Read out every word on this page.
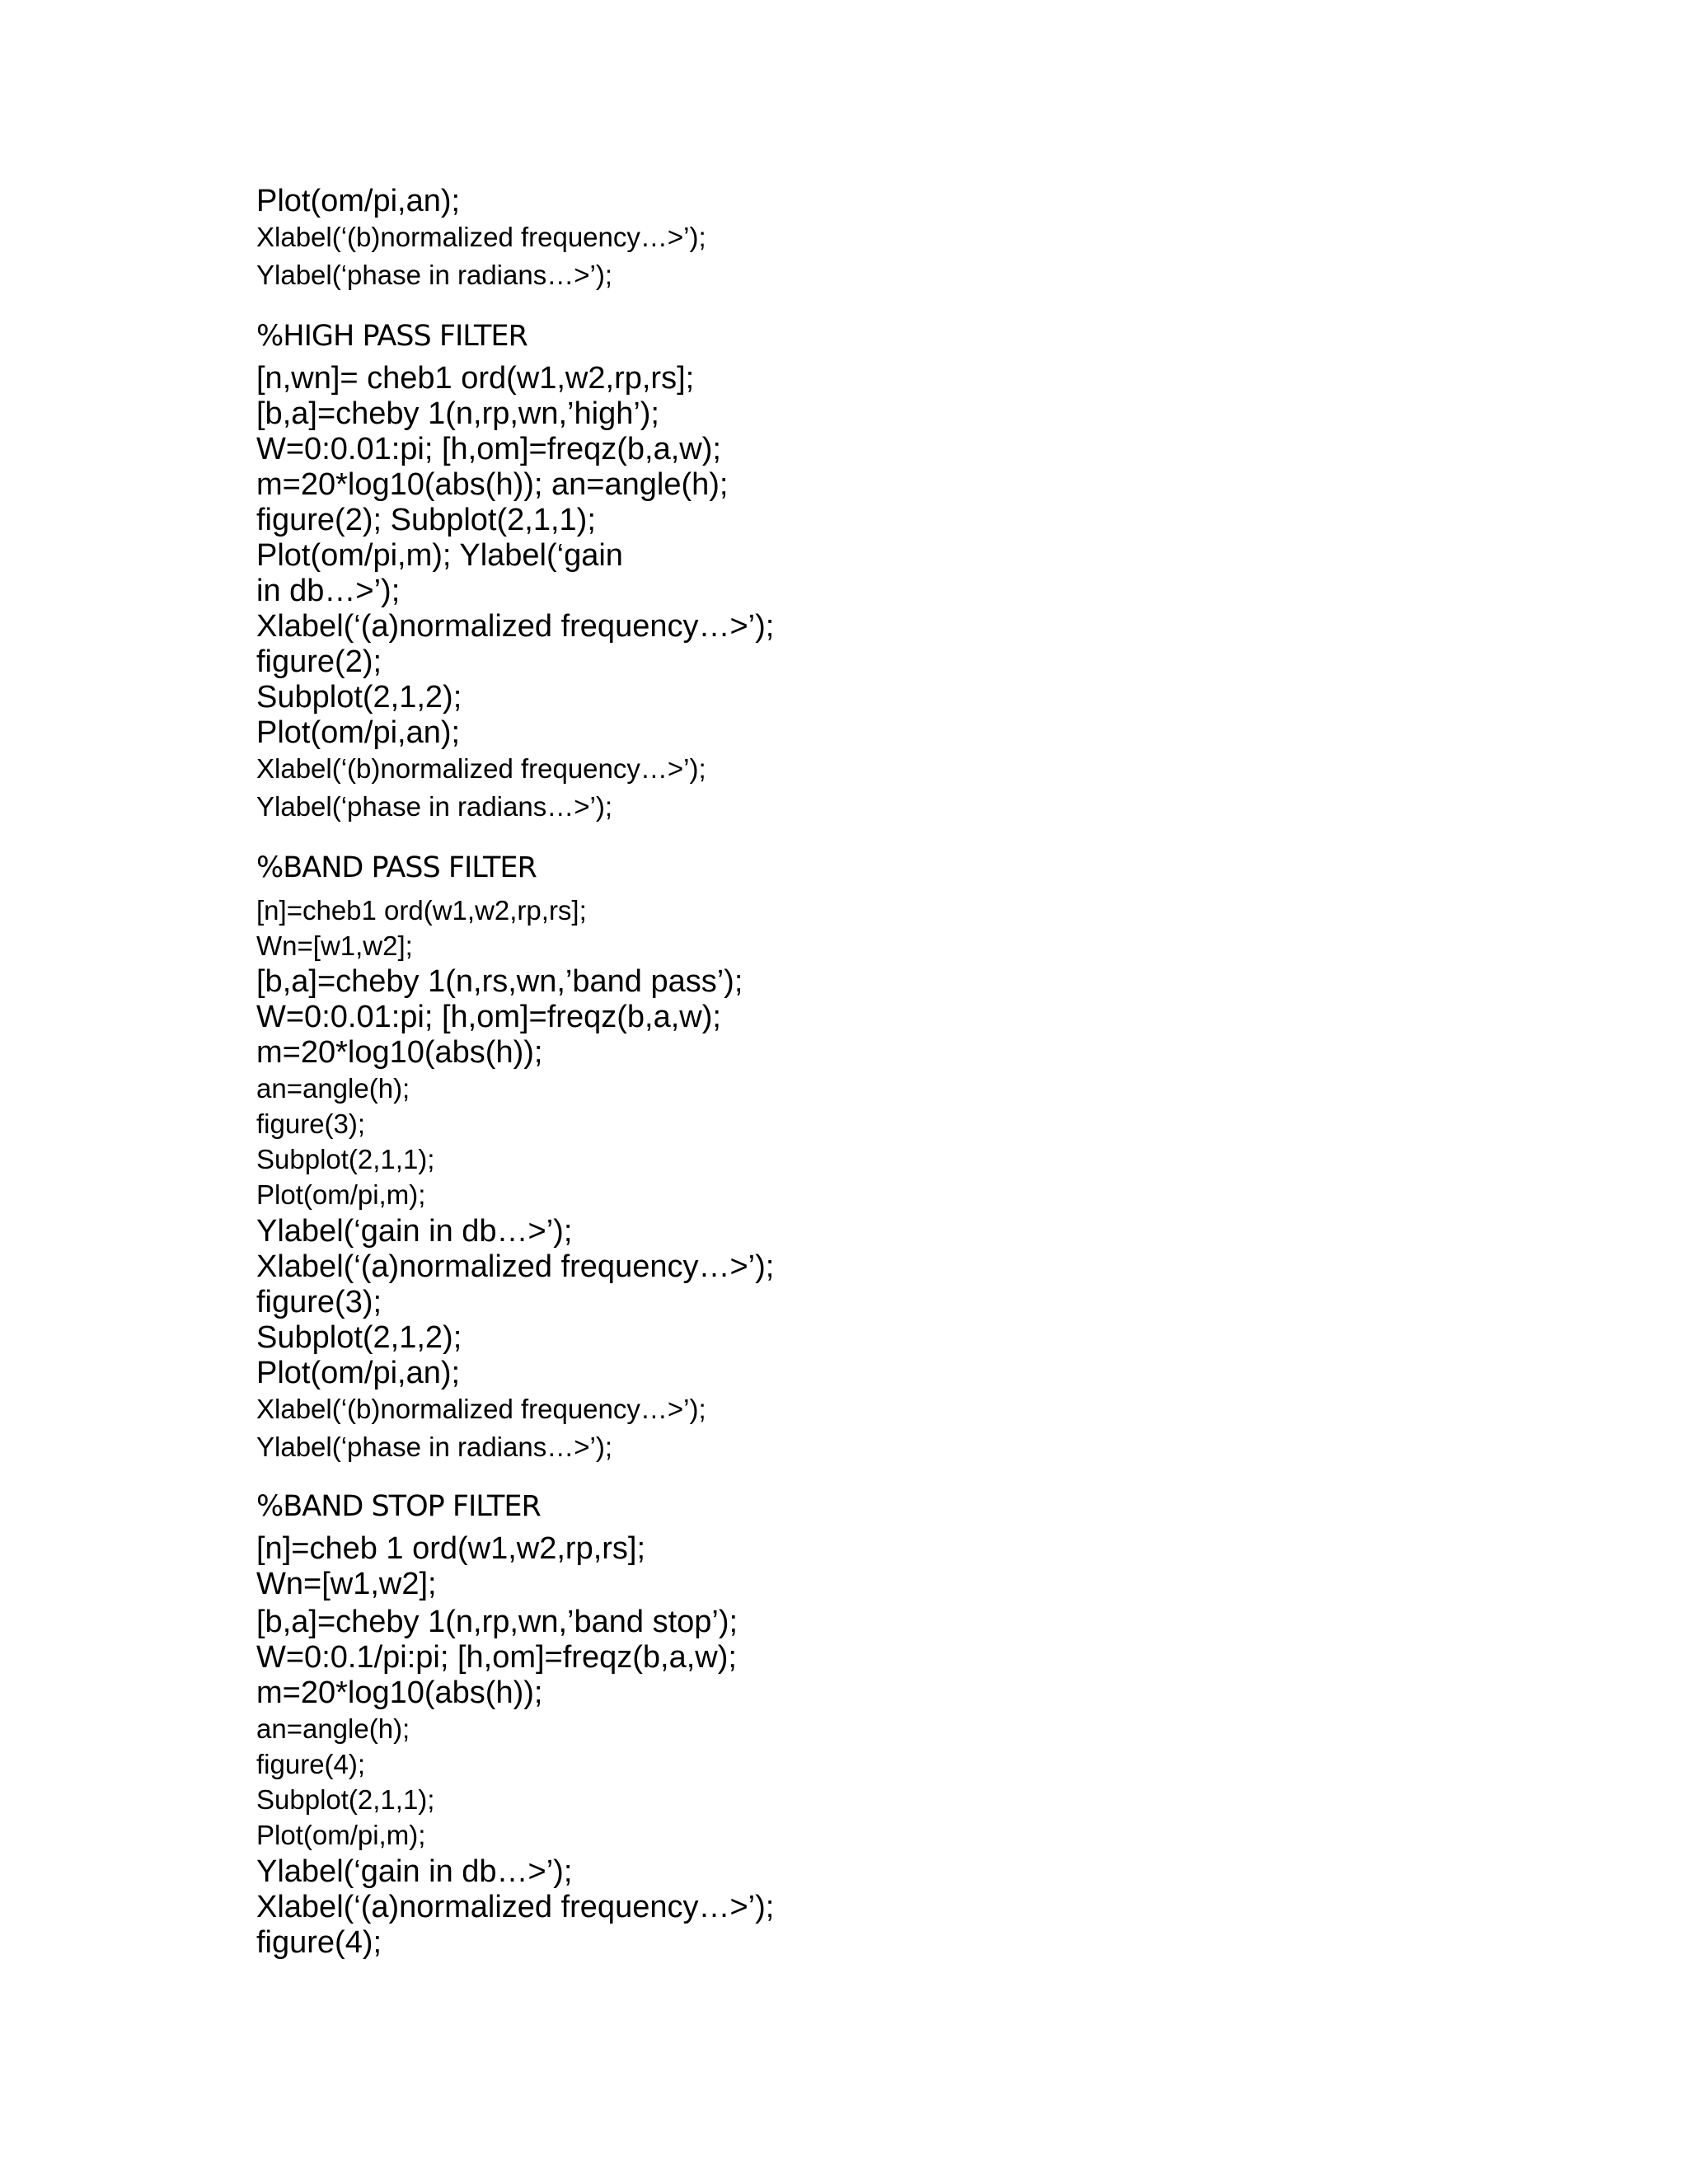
Plot(om/pi,an);
Xlabel(‘(b)normalized frequency…>’);
Ylabel(‘phase in radians…>’);
%HIGH PASS FILTER
[n,wn]= cheb1 ord(w1,w2,rp,rs];
[b,a]=cheby 1(n,rp,wn,’high’);
W=0:0.01:pi; [h,om]=freqz(b,a,w);
m=20*log10(abs(h)); an=angle(h);
figure(2); Subplot(2,1,1);
Plot(om/pi,m); Ylabel(‘gain
in db…>’);
Xlabel(‘(a)normalized frequency…>’);
figure(2);
Subplot(2,1,2);
Plot(om/pi,an);
Xlabel(‘(b)normalized frequency…>’);
Ylabel(‘phase in radians…>’);
%BAND PASS FILTER
[n]=cheb1 ord(w1,w2,rp,rs];
Wn=[w1,w2];
[b,a]=cheby 1(n,rs,wn,’band pass’);
W=0:0.01:pi; [h,om]=freqz(b,a,w);
m=20*log10(abs(h));
an=angle(h);
figure(3);
Subplot(2,1,1);
Plot(om/pi,m);
Ylabel(‘gain in db…>’);
Xlabel(‘(a)normalized frequency…>’);
figure(3);
Subplot(2,1,2);
Plot(om/pi,an);
Xlabel(‘(b)normalized frequency…>’);
Ylabel(‘phase in radians…>’);
%BAND STOP FILTER
[n]=cheb 1 ord(w1,w2,rp,rs];
Wn=[w1,w2];
[b,a]=cheby 1(n,rp,wn,’band stop’);
W=0:0.1/pi:pi; [h,om]=freqz(b,a,w);
m=20*log10(abs(h));
an=angle(h);
figure(4);
Subplot(2,1,1);
Plot(om/pi,m);
Ylabel(‘gain in db…>’);
Xlabel(‘(a)normalized frequency…>’);
figure(4);
